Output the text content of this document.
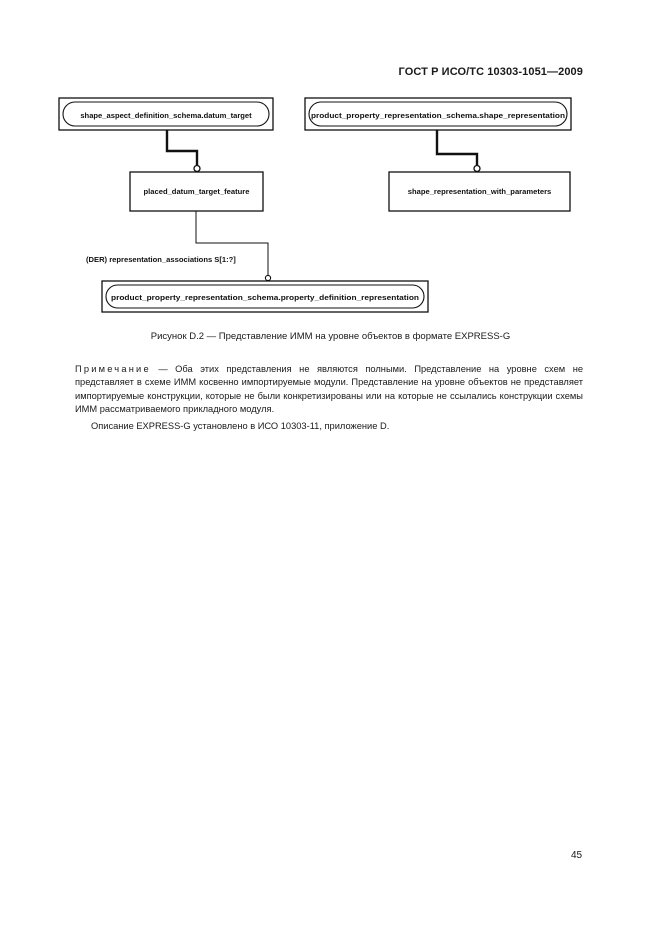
ГОСТ Р ИСО/ТС 10303-1051—2009
shape_aspect_definition_schema.datum_target	product_property_representation_schema.shape_representation
placed_datum_target_feature	shape_representation_with_parameters
(DER) representation_associations S[1:?]
product_property_representation_schema.property_definition_representation
Рисунок D.2 — Представление ИММ на уровне объектов в формате EXPRESS-G
Примечание — Оба этих представления не являются полными. Представление на уровне схем не представляет в схеме ИММ косвенно импортируемые модули. Представление на уровне объектов не представляет импортируемые конструкции, которые не были конкретизированы или на которые не ссылались конструкции схемы ИММ рассматриваемого прикладного модуля.
Описание EXPRESS-G установлено в ИСО 10303-11, приложение D.
45
